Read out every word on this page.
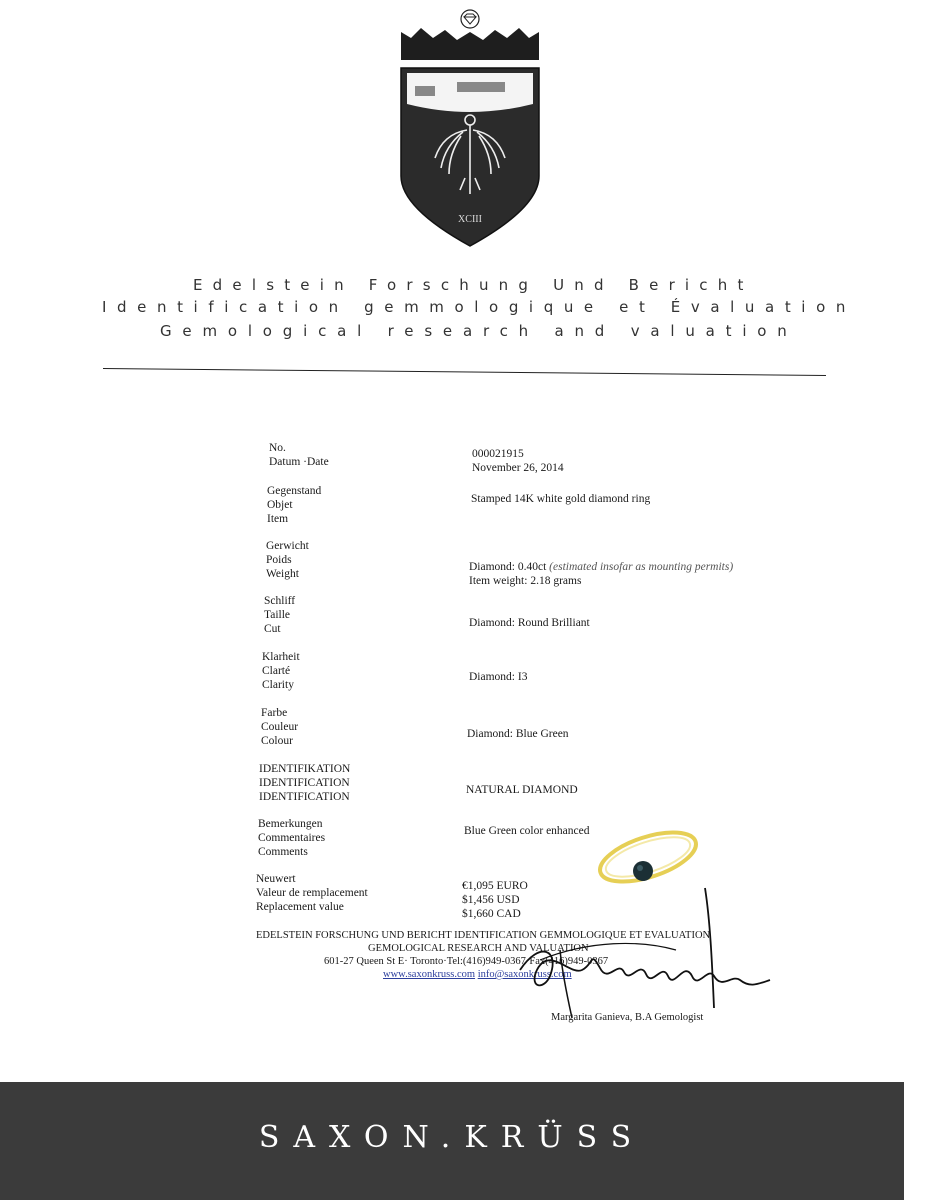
XCIII
Edelstein Forschung Und Bericht
Identification gemmologique et Évaluation
Gemological research and valuation
No.
Datum ·Date
000021915
November 26, 2014
Gegenstand
Objet
Item
Stamped 14K white gold diamond ring
Gerwicht
Poids
Weight
Diamond: 0.40ct (estimated insofar as mounting permits)
Item weight: 2.18 grams
Schliff
Taille
Cut	Diamond: Round Brilliant
Klarheit
Clarté
Clarity
Diamond: I3
Farbe
Couleur
Colour
Diamond: Blue Green
IDENTIFIKATION
IDENTIFICATION
IDENTIFICATION
NATURAL DIAMOND
Bemerkungen
Commentaires
Comments
Blue Green color enhanced
Neuwert
Valeur de remplacement
Replacement value
€1,095 EURO
$1,456 USD
$1,660 CAD
EDELSTEIN FORSCHUNG UND BERICHT IDENTIFICATION GEMMOLOGIQUE ET EVALUATION
GEMOLOGICAL RESEARCH AND VALUATION
601-27 Queen St E· Toronto·Tel:(416)949-0367·Fax(416)949-0367
www.saxonkruss.com info@saxonkruss.com
Margarita Ganieva, B.A Gemologist
SAXON.KRÜSS
